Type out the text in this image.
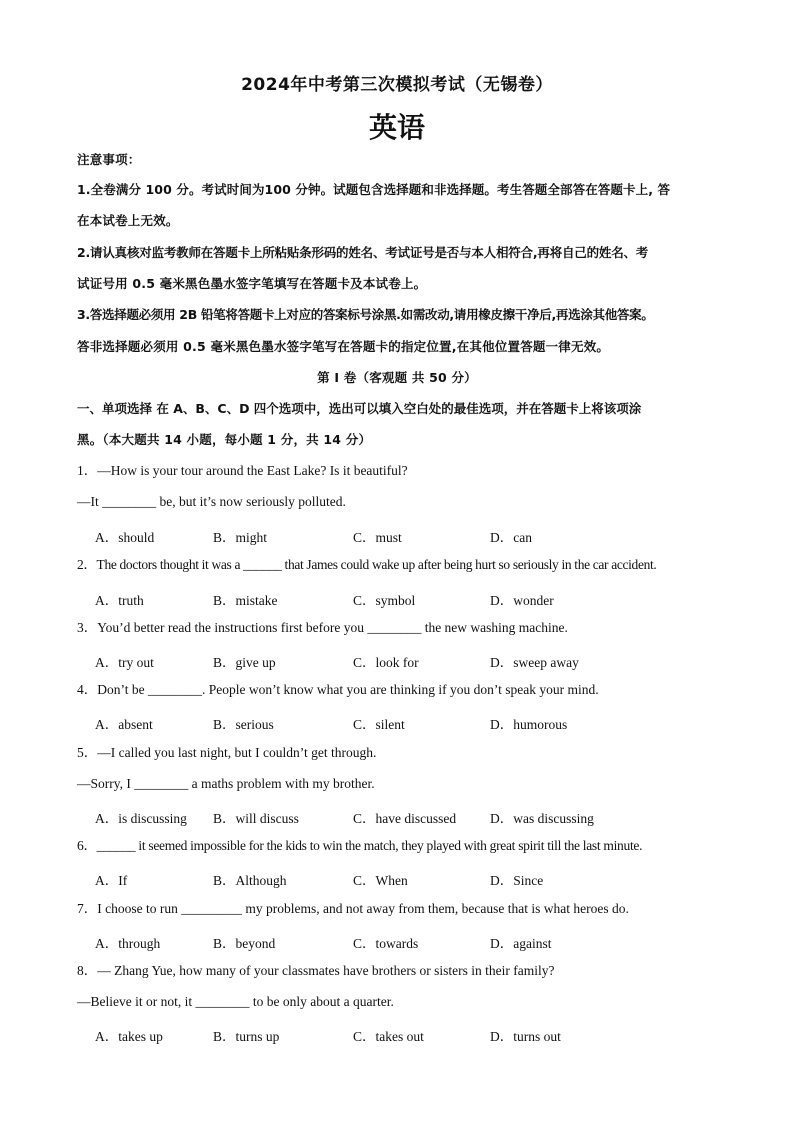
2024年中考第三次模拟考试（无锡卷）
英语
注意事项：
1.全卷满分 100 分。考试时间为100 分钟。试题包含选择题和非选择题。考生答题全部答在答题卡上, 答
在本试卷上无效。
2.请认真核对监考教师在答题卡上所粘贴条形码的姓名、考试证号是否与本人相符合,再将自己的姓名、考
试证号用 0.5 毫米黑色墨水签字笔填写在答题卡及本试卷上。
3.答选择题必须用 2B 铅笔将答题卡上对应的答案标号涂黑.如需改动,请用橡皮擦干净后,再选涂其他答案。
答非选择题必须用 0.5 毫米黑色墨水签字笔写在答题卡的指定位置,在其他位置答题一律无效。
第 I 卷（客观题 共 50 分）
一、单项选择 在 A、B、C、D 四个选项中，选出可以填入空白处的最佳选项，并在答题卡上将该项涂
黑。（本大题共 14 小题，每小题 1 分，共 14 分）
1．—How is your tour around the East Lake? Is it beautiful?
—It ________ be, but it’s now seriously polluted.
A．should	B．might	C．must	D．can
2．The doctors thought it was a ______ that James could wake up after being hurt so seriously in the car accident.
A．truth	B．mistake	C．symbol	D．wonder
3．You’d better read the instructions first before you ________ the new washing machine.
A．try out	B．give up	C．look for	D．sweep away
4．Don’t be ________. People won’t know what you are thinking if you don’t speak your mind.
A．absent	B．serious	C．silent	D．humorous
5．—I called you last night, but I couldn’t get through.
—Sorry, I ________ a maths problem with my brother.
A．is discussing B．will discuss	C．have discussed	D．was discussing
6．______ it seemed impossible for the kids to win the match, they played with great spirit till the last minute.
A．If	B．Although	C．When	D．Since
7．I choose to run _________ my problems, and not away from them, because that is what heroes do.
A．through	B．beyond	C．towards	D．against
8．— Zhang Yue, how many of your classmates have brothers or sisters in their family?
—Believe it or not, it ________ to be only about a quarter.
A．takes up	B．turns up	C．takes out	D．turns out
